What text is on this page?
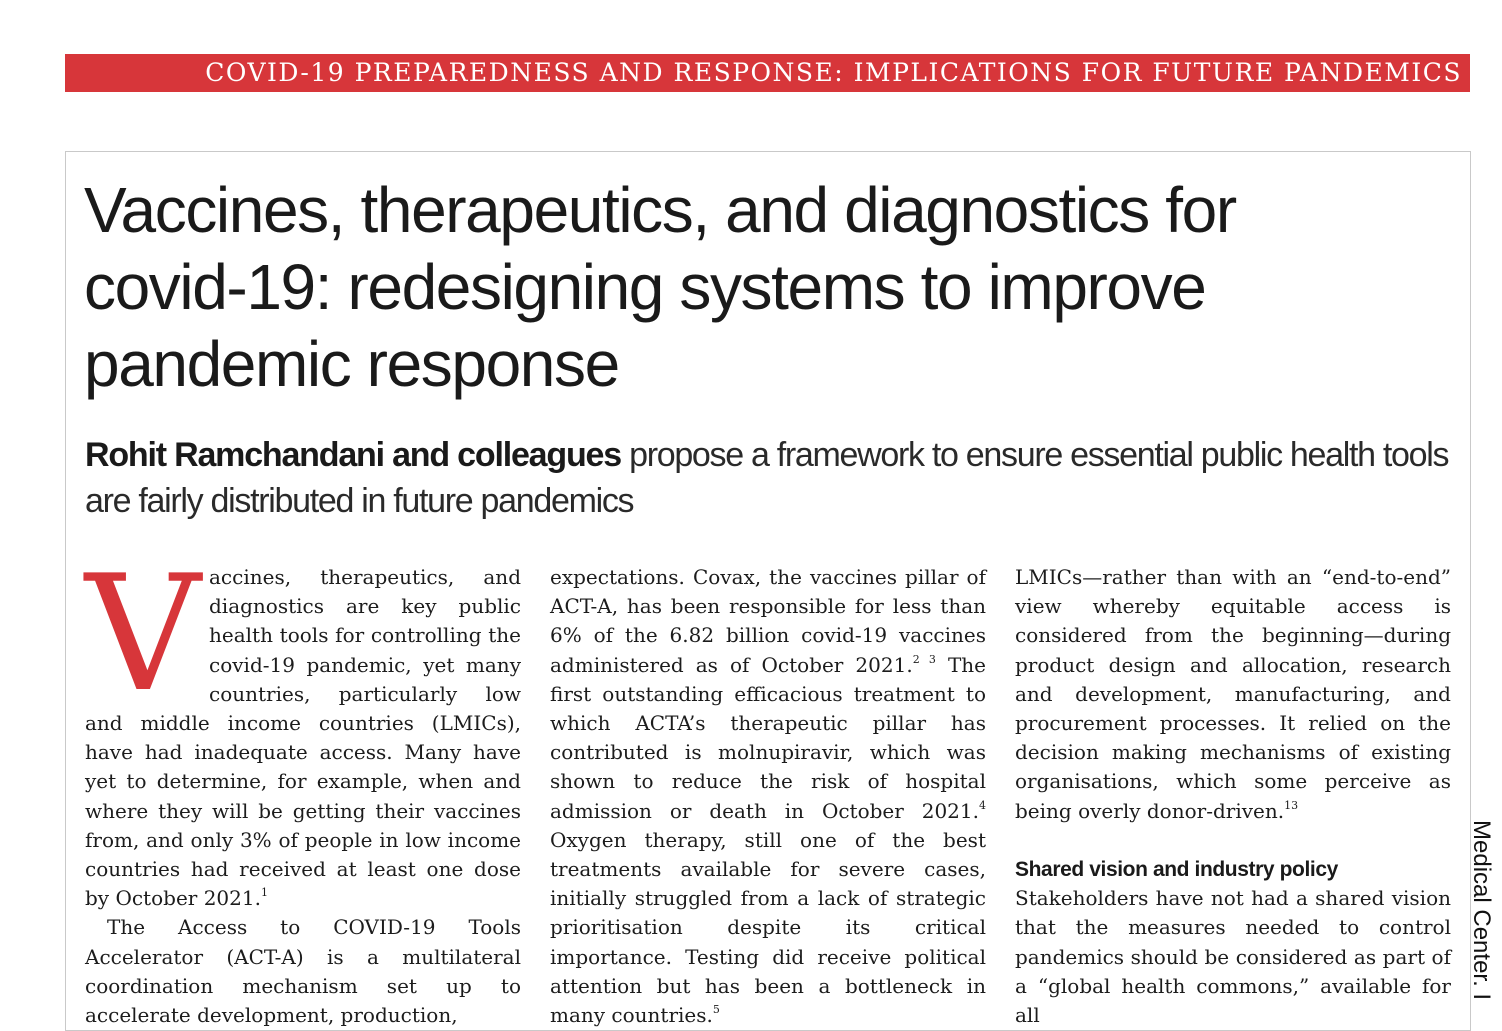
COVID-19 PREPAREDNESS AND RESPONSE: IMPLICATIONS FOR FUTURE PANDEMICS
Vaccines, therapeutics, and diagnostics for covid-19: redesigning systems to improve pandemic response

Rohit Ramchandani and colleagues propose a framework to ensure essential public health tools are fairly distributed in future pandemics

Vaccines, therapeutics, and diagnostics are key public health tools for controlling the covid-19 pandemic, yet many countries, particularly low and middle income countries (LMICs), have had inadequate access. Many have yet to determine, for example, when and where they will be getting their vaccines from, and only 3% of people in low income countries had received at least one dose by October 2021.$^1$

The Access to COVID-19 Tools Accelerator (ACT-A) is a multilateral coordination mechanism set up to accelerate development, production,

expectations. Covax, the vaccines pillar of ACT-A, has been responsible for less than 6% of the 6.82 billion covid-19 vaccines administered as of October 2021.$^{2 3}$ The first outstanding efficacious treatment to which ACTA’s therapeutic pillar has contributed is molnupiravir, which was shown to reduce the risk of hospital admission or death in October 2021.$^4$ Oxygen therapy, still one of the best treatments available for severe cases, initially struggled from a lack of strategic prioritisation despite its critical importance. Testing did receive political attention but has been a bottleneck in many countries.$^5$

LMICs—rather than with an “end-to-end” view whereby equitable access is considered from the beginning—during product design and allocation, research and development, manufacturing, and procurement processes. It relied on the decision making mechanisms of existing organisations, which some perceive as being overly donor-driven.$^{13}$

Shared vision and industry policy

Stakeholders have not had a shared vision that the measures needed to control pandemics should be considered as part of a “global health commons,” available for all

Medical Center. I
